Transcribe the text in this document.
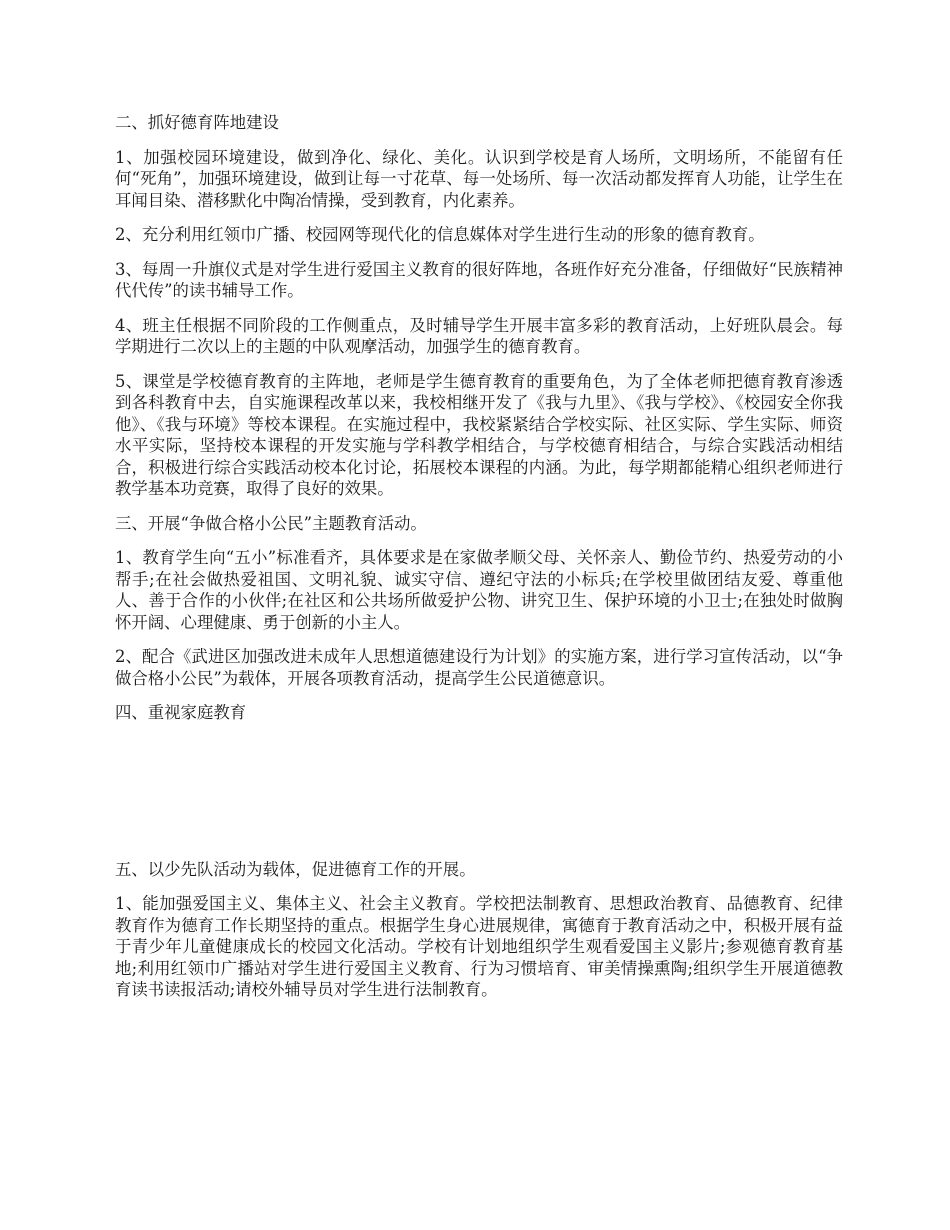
二、抓好德育阵地建设

1、加强校园环境建设，做到净化、绿化、美化。认识到学校是育人场所，文明场所，不能留有任何“死角”，加强环境建设，做到让每一寸花草、每一处场所、每一次活动都发挥育人功能，让学生在耳闻目染、潜移默化中陶冶情操，受到教育，内化素养。

2、充分利用红领巾广播、校园网等现代化的信息媒体对学生进行生动的形象的德育教育。

3、每周一升旗仪式是对学生进行爱国主义教育的很好阵地，各班作好充分准备，仔细做好“民族精神代代传”的读书辅导工作。

4、班主任根据不同阶段的工作侧重点，及时辅导学生开展丰富多彩的教育活动，上好班队晨会。每学期进行二次以上的主题的中队观摩活动，加强学生的德育教育。

5、课堂是学校德育教育的主阵地，老师是学生德育教育的重要角色，为了全体老师把德育教育渗透到各科教育中去，自实施课程改革以来，我校相继开发了《我与九里》、《我与学校》、《校园安全你我他》、《我与环境》等校本课程。在实施过程中，我校紧紧结合学校实际、社区实际、学生实际、师资水平实际，坚持校本课程的开发实施与学科教学相结合，与学校德育相结合，与综合实践活动相结合，积极进行综合实践活动校本化讨论，拓展校本课程的内涵。为此，每学期都能精心组织老师进行教学基本功竞赛，取得了良好的效果。

三、开展“争做合格小公民”主题教育活动。

1、教育学生向“五小”标准看齐，具体要求是在家做孝顺父母、关怀亲人、勤俭节约、热爱劳动的小帮手;在社会做热爱祖国、文明礼貌、诚实守信、遵纪守法的小标兵;在学校里做团结友爱、尊重他人、善于合作的小伙伴;在社区和公共场所做爱护公物、讲究卫生、保护环境的小卫士;在独处时做胸怀开阔、心理健康、勇于创新的小主人。

2、配合《武进区加强改进未成年人思想道德建设行为计划》的实施方案，进行学习宣传活动，以“争做合格小公民”为载体，开展各项教育活动，提高学生公民道德意识。

四、重视家庭教育

五、以少先队活动为载体，促进德育工作的开展。

1、能加强爱国主义、集体主义、社会主义教育。学校把法制教育、思想政治教育、品德教育、纪律教育作为德育工作长期坚持的重点。根据学生身心进展规律，寓德育于教育活动之中，积极开展有益于青少年儿童健康成长的校园文化活动。学校有计划地组织学生观看爱国主义影片;参观德育教育基地;利用红领巾广播站对学生进行爱国主义教育、行为习惯培育、审美情操熏陶;组织学生开展道德教育读书读报活动;请校外辅导员对学生进行法制教育。
